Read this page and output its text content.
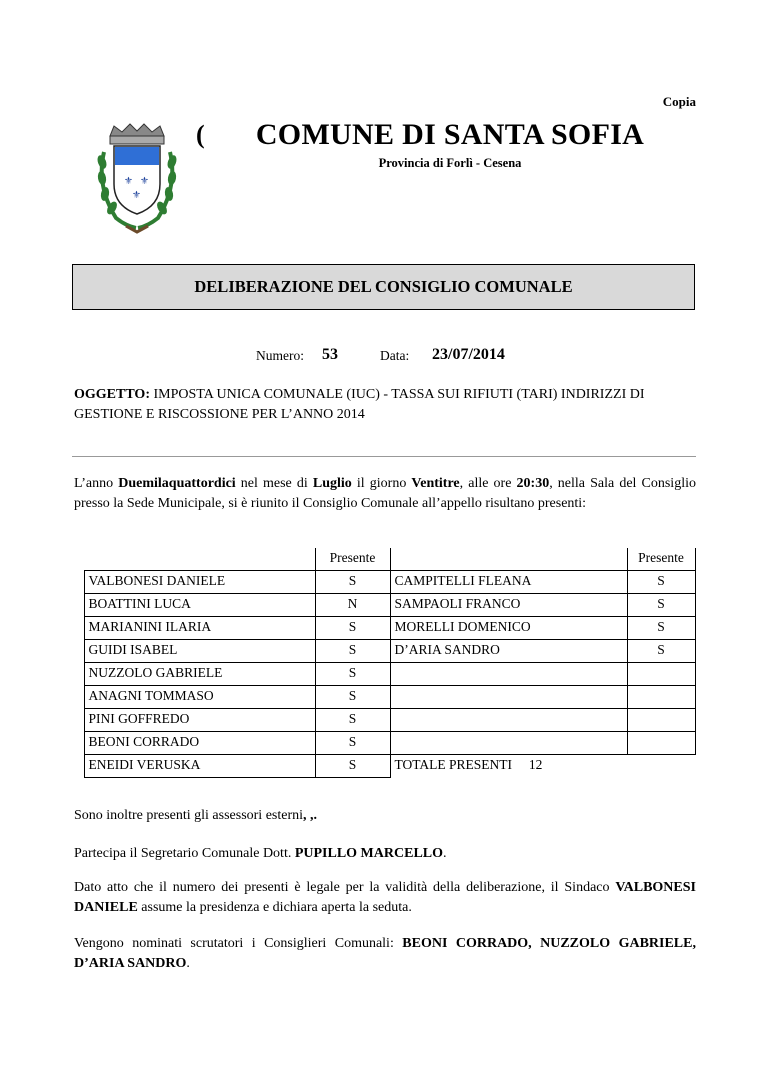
Copia
⚜ ⚜
⚜
(	COMUNE DI SANTA SOFIA
Provincia di Forlì - Cesena
DELIBERAZIONE DEL CONSIGLIO COMUNALE
Numero: 53	Data: 23/07/2014
OGGETTO: IMPOSTA UNICA COMUNALE (IUC) - TASSA SUI RIFIUTI (TARI) INDIRIZZI DI GESTIONE E RISCOSSIONE PER L’ANNO 2014
L’anno Duemilaquattordici nel mese di Luglio il giorno Ventitre, alle ore 20:30, nella Sala del Consiglio presso la Sede Municipale, si è riunito il Consiglio Comunale all’appello risultano presenti:
		Presente		Presente
	VALBONESI DANIELE	S	CAMPITELLI FLEANA	S
	BOATTINI LUCA	N	SAMPAOLI FRANCO	S
	MARIANINI ILARIA	S	MORELLI DOMENICO	S
	GUIDI ISABEL	S	D’ARIA SANDRO	S
	NUZZOLO GABRIELE	S		
	ANAGNI TOMMASO	S		
	PINI GOFFREDO	S		
	BEONI CORRADO	S		
	ENEIDI VERUSKA	S	TOTALE PRESENTI 12	
Sono inoltre presenti gli assessori esterni, ,.
Partecipa il Segretario Comunale Dott. PUPILLO MARCELLO.
Dato atto che il numero dei presenti è legale per la validità della deliberazione, il Sindaco VALBONESI DANIELE assume la presidenza e dichiara aperta la seduta.
Vengono nominati scrutatori i Consiglieri Comunali: BEONI CORRADO, NUZZOLO GABRIELE, D’ARIA SANDRO.
